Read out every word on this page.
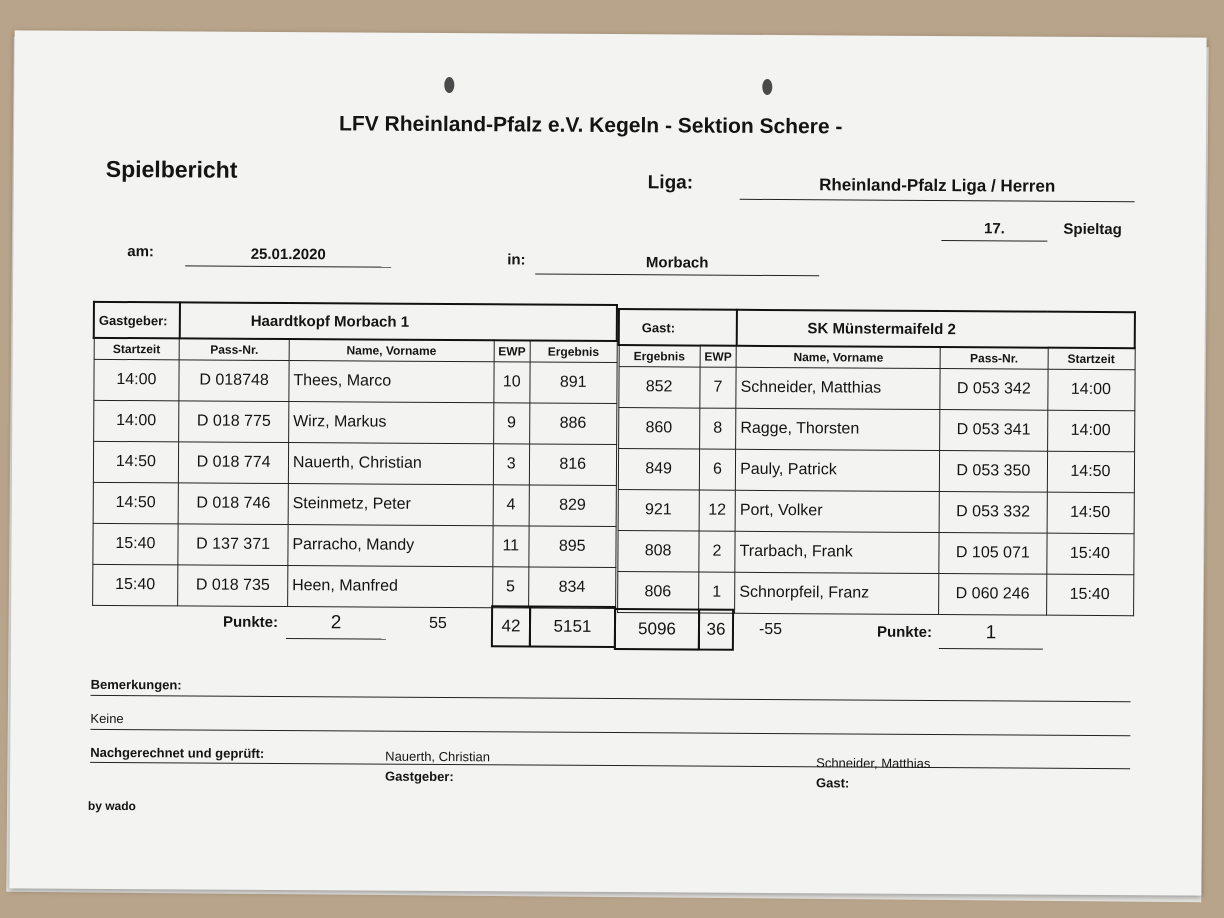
LFV Rheinland-Pfalz e.V. Kegeln - Sektion Schere -
Spielbericht
Liga:	Rheinland-Pfalz Liga / Herren
17.	Spieltag
am:	25.01.2020	in:	Morbach
Gastgeber:	Haardtkopf Morbach 1			
Startzeit	Pass-Nr.	Name, Vorname	EWP	Ergebnis
14:00	D 018748	Thees, Marco	10	891
14:00	D 018 775	Wirz, Markus	9	886
14:50	D 018 774	Nauerth, Christian	3	816
14:50	D 018 746	Steinmetz, Peter	4	829
15:40	D 137 371	Parracho, Mandy	11	895
15:40	D 018 735	Heen, Manfred	5	834
Gast:		SK Münstermaifeld 2		
Ergebnis	EWP	Name, Vorname	Pass-Nr.	Startzeit
852	7	Schneider, Matthias	D 053 342	14:00
860	8	Ragge, Thorsten	D 053 341	14:00
849	6	Pauly, Patrick	D 053 350	14:50
921	12	Port, Volker	D 053 332	14:50
808	2	Trarbach, Frank	D 105 071	15:40
806	1	Schnorpfeil, Franz	D 060 246	15:40
Punkte:	2	55	42	5151	5096	36	-55	Punkte:	1
Bemerkungen:
Keine
Nachgerechnet und geprüft:	Nauerth, Christian
Gastgeber:
Schneider, Matthias
Gast:
by wado
